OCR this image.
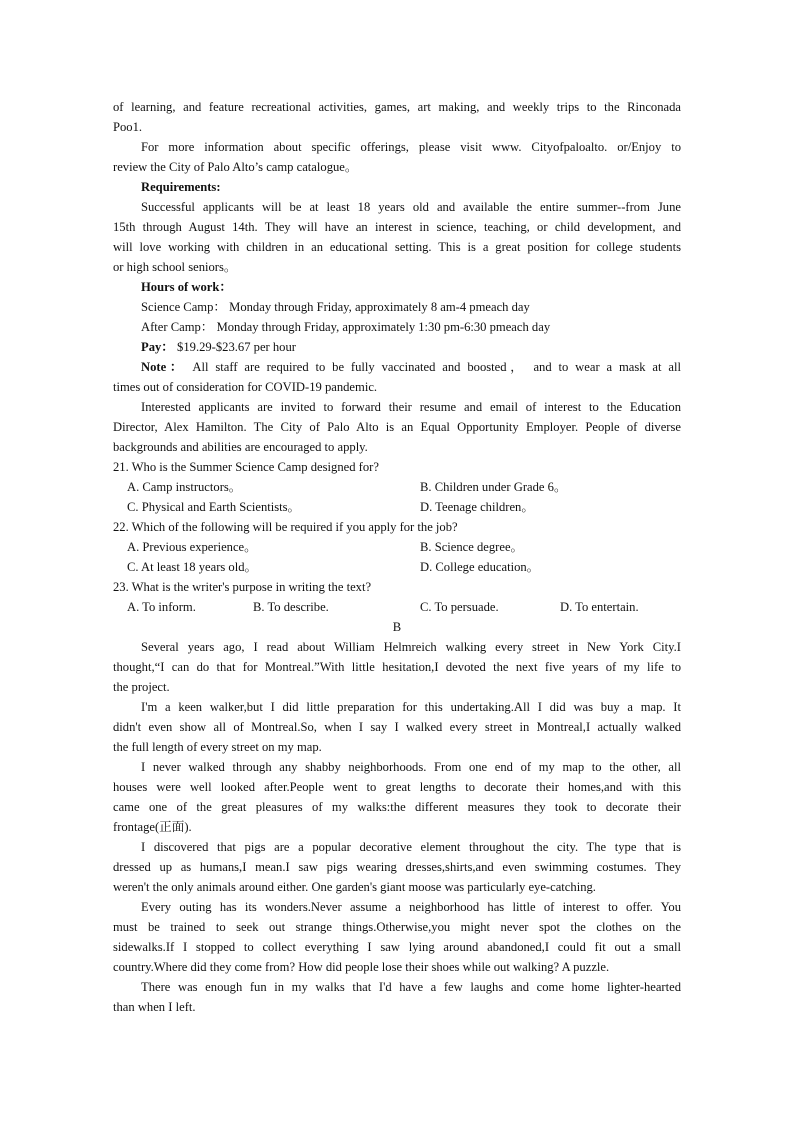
of learning, and feature recreational activities, games, art making, and weekly trips to the Rinconada
Poo1.
For more information about specific offerings, please visit www. Cityofpaloalto. or/Enjoy to
review the City of Palo Alto’s camp catalogue。
Requirements:
Successful applicants will be at least 18 years old and available the entire summer--from June
15th through August 14th. They will have an interest in science, teaching, or child development, and
will love working with children in an educational setting. This is a great position for college students
or high school seniors。
Hours of work：
Science Camp： Monday through Friday, approximately 8 am-4 pmeach day
After Camp： Monday through Friday, approximately 1:30 pm-6:30 pmeach day
Pay： $19.29-$23.67 per hour
Note： All staff are required to be fully vaccinated and boosted， and to wear a mask at all
times out of consideration for COVID-19 pandemic.
Interested applicants are invited to forward their resume and email of interest to the Education
Director, Alex Hamilton. The City of Palo Alto is an Equal Opportunity Employer. People of diverse
backgrounds and abilities are encouraged to apply.
21. Who is the Summer Science Camp designed for?
A. Camp instructors。	B. Children under Grade 6。
C. Physical and Earth Scientists。	D. Teenage children。
22. Which of the following will be required if you apply for the job?
A. Previous experience。	B. Science degree。
C. At least 18 years old。	D. College education。
23. What is the writer's purpose in writing the text?
A. To inform.	B. To describe.	C. To persuade.	D. To entertain.
B
Several years ago, I read about William Helmreich walking every street in New York City.I
thought,“I can do that for Montreal.”With little hesitation,I devoted the next five years of my life to
the project.
I'm a keen walker,but I did little preparation for this undertaking.All I did was buy a map. It
didn't even show all of Montreal.So, when I say I walked every street in Montreal,I actually walked
the full length of every street on my map.
I never walked through any shabby neighborhoods. From one end of my map to the other, all
houses were well looked after.People went to great lengths to decorate their homes,and with this
came one of the great pleasures of my walks:the different measures they took to decorate their
frontage(正面).
I discovered that pigs are a popular decorative element throughout the city. The type that is
dressed up as humans,I mean.I saw pigs wearing dresses,shirts,and even swimming costumes. They
weren't the only animals around either. One garden's giant moose was particularly eye-catching.
Every outing has its wonders.Never assume a neighborhood has little of interest to offer. You
must be trained to seek out strange things.Otherwise,you might never spot the clothes on the
sidewalks.If I stopped to collect everything I saw lying around abandoned,I could fit out a small
country.Where did they come from? How did people lose their shoes while out walking? A puzzle.
There was enough fun in my walks that I'd have a few laughs and come home lighter-hearted
than when I left.
